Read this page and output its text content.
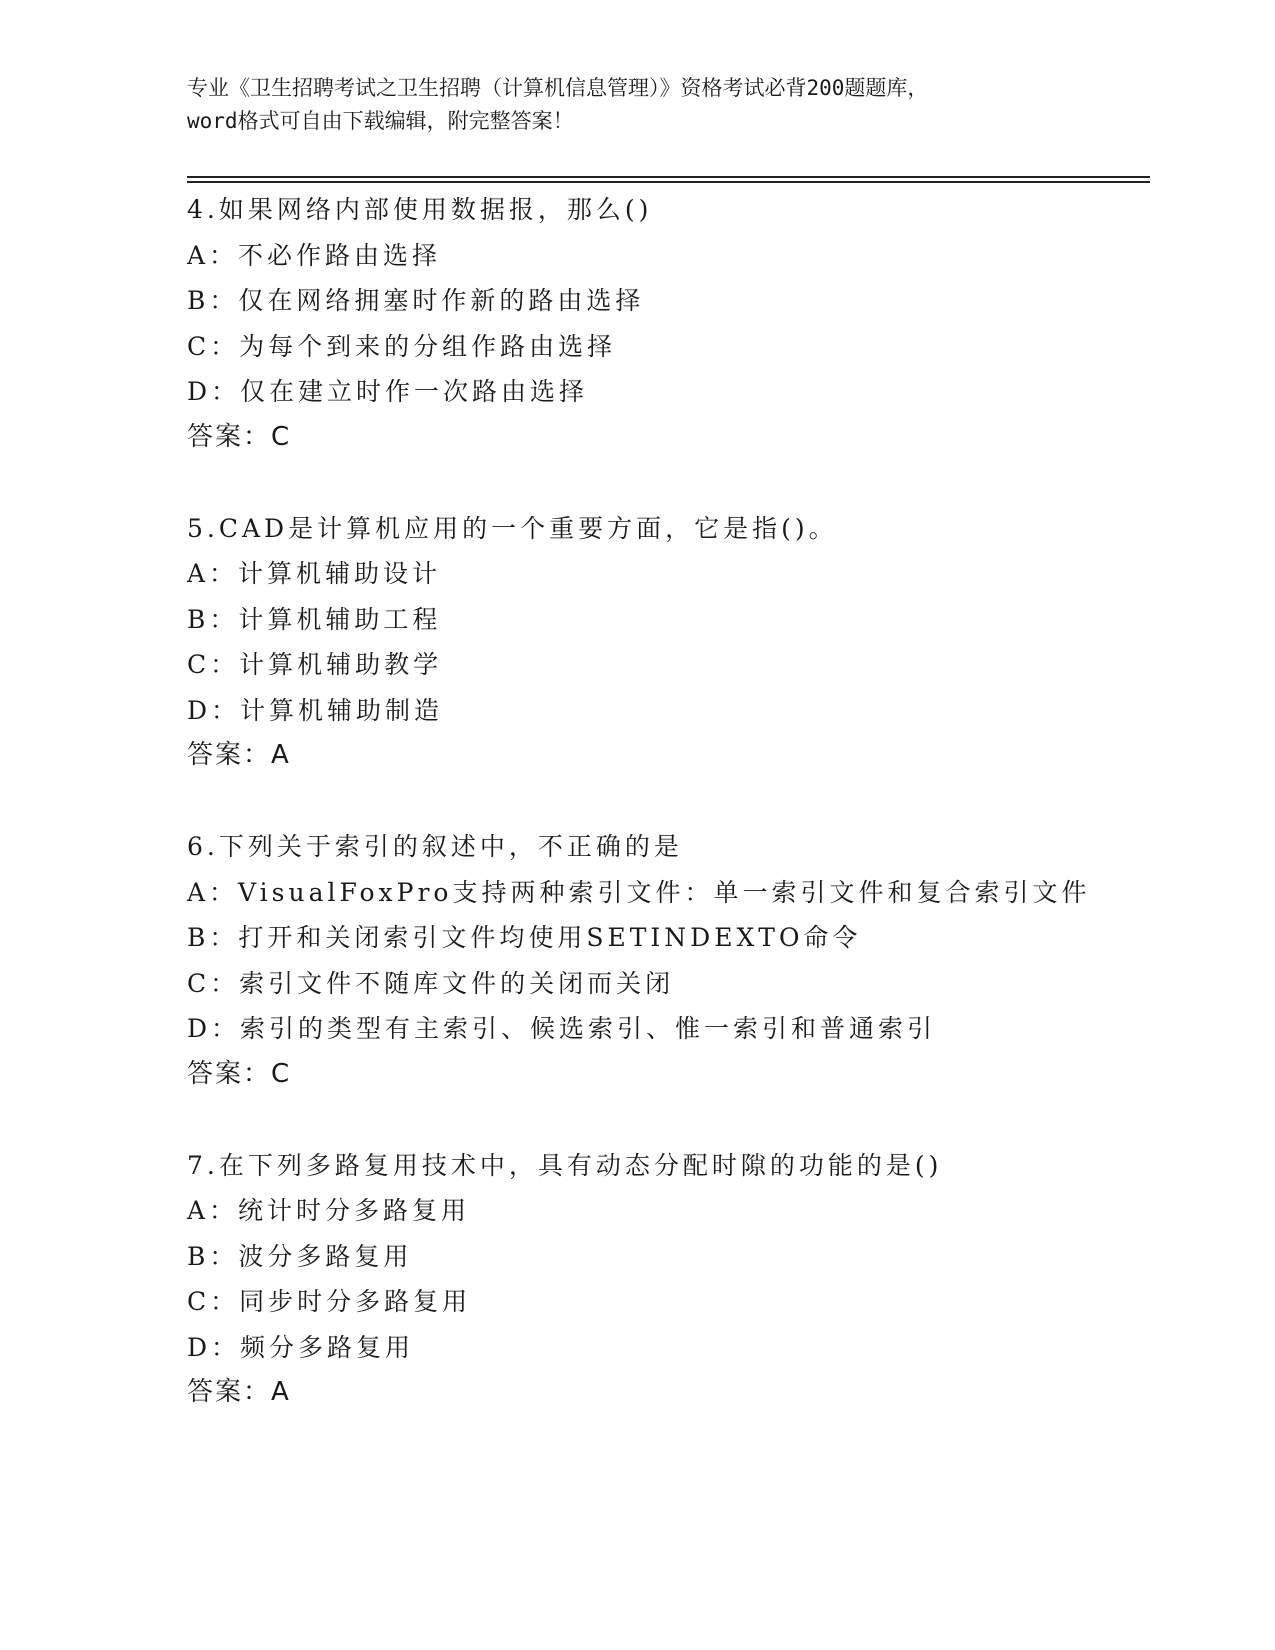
专业《卫生招聘考试之卫生招聘（计算机信息管理）》资格考试必背200题题库，
word格式可自由下载编辑，附完整答案！
4.如果网络内部使用数据报，那么()
A：不必作路由选择
B：仅在网络拥塞时作新的路由选择
C：为每个到来的分组作路由选择
D：仅在建立时作一次路由选择
答案：C
5.CAD是计算机应用的一个重要方面，它是指()。
A：计算机辅助设计
B：计算机辅助工程
C：计算机辅助教学
D：计算机辅助制造
答案：A
6.下列关于索引的叙述中，不正确的是
A：VisualFoxPro支持两种索引文件：单一索引文件和复合索引文件
B：打开和关闭索引文件均使用SETINDEXTO命令
C：索引文件不随库文件的关闭而关闭
D：索引的类型有主索引、候选索引、惟一索引和普通索引
答案：C
7.在下列多路复用技术中，具有动态分配时隙的功能的是()
A：统计时分多路复用
B：波分多路复用
C：同步时分多路复用
D：频分多路复用
答案：A
